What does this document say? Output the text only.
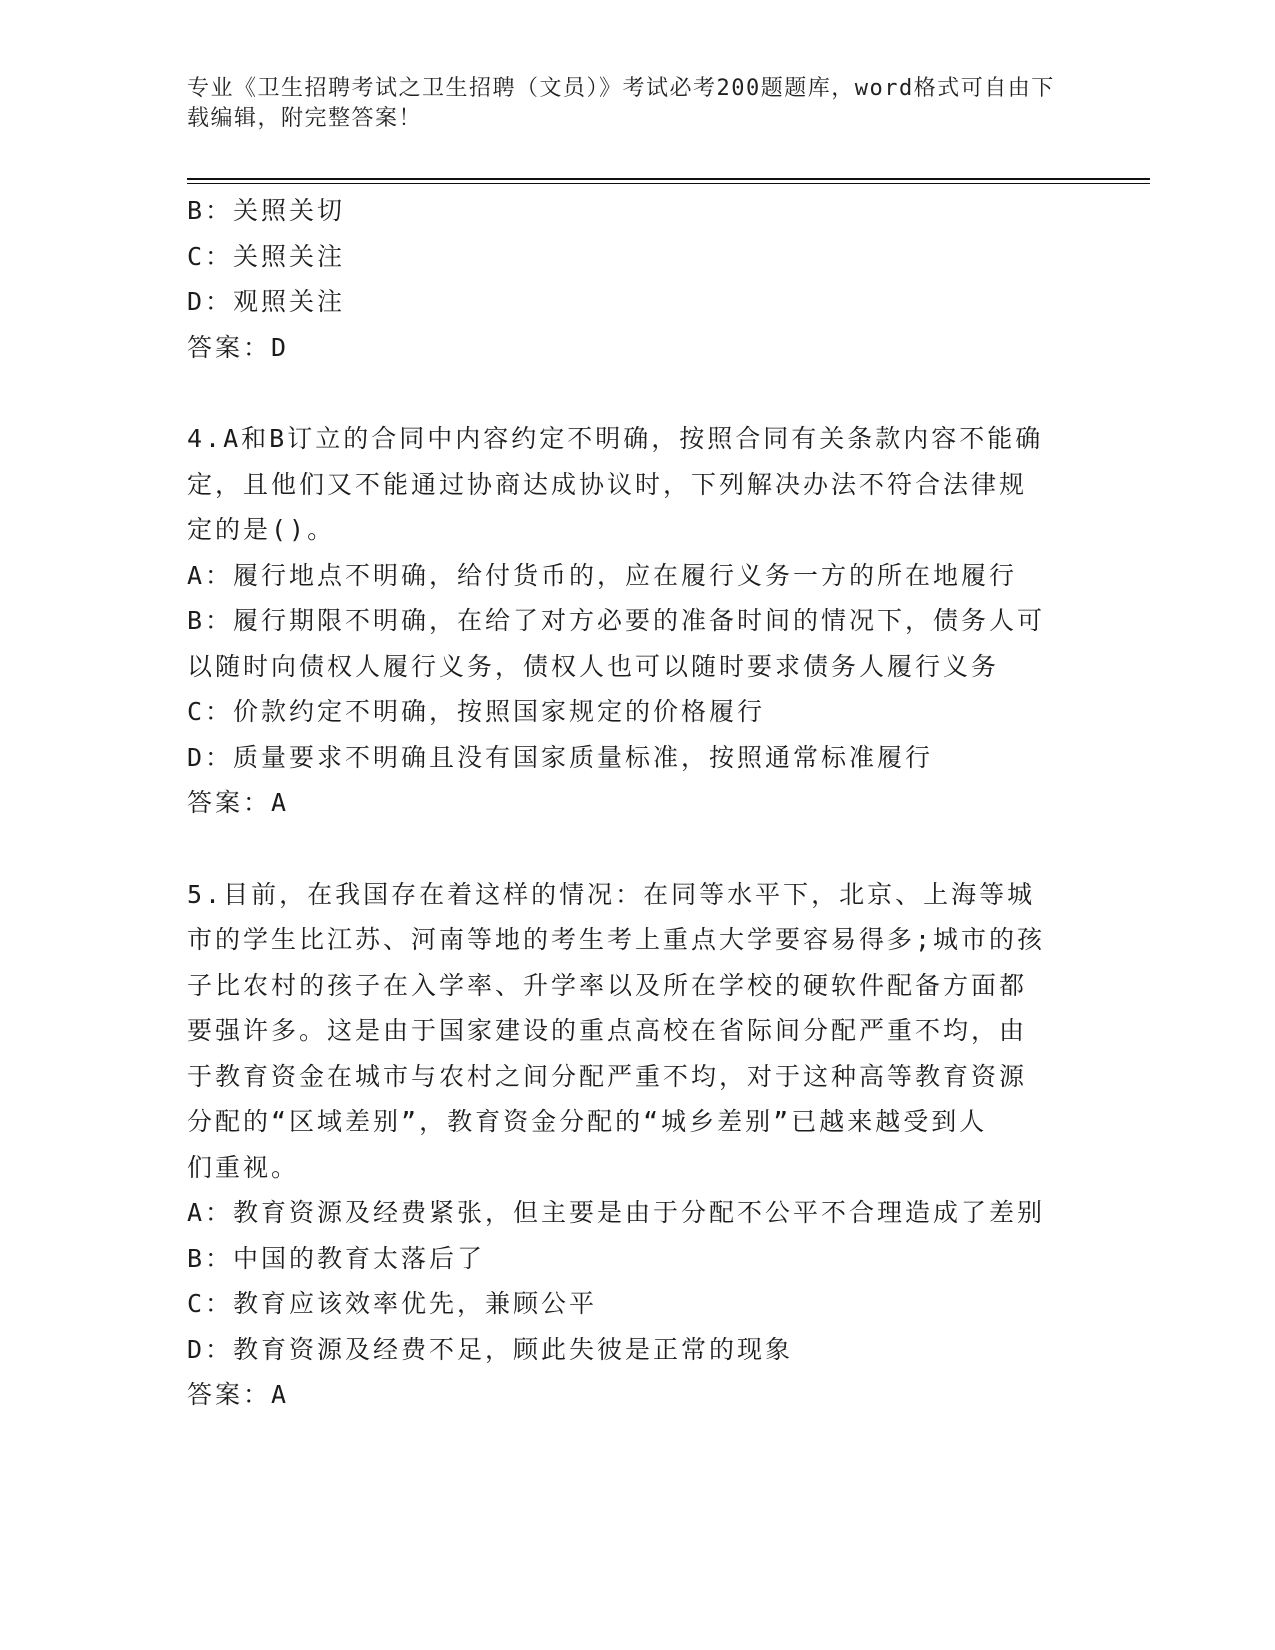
专业《卫生招聘考试之卫生招聘（文员）》考试必考200题题库，word格式可自由下载编辑，附完整答案！
B：关照关切
C：关照关注
D：观照关注
答案：D
4.A和B订立的合同中内容约定不明确，按照合同有关条款内容不能确
定，且他们又不能通过协商达成协议时，下列解决办法不符合法律规
定的是()。
A：履行地点不明确，给付货币的，应在履行义务一方的所在地履行
B：履行期限不明确，在给了对方必要的准备时间的情况下，债务人可
以随时向债权人履行义务，债权人也可以随时要求债务人履行义务
C：价款约定不明确，按照国家规定的价格履行
D：质量要求不明确且没有国家质量标准，按照通常标准履行
答案：A
5.目前，在我国存在着这样的情况：在同等水平下，北京、上海等城
市的学生比江苏、河南等地的考生考上重点大学要容易得多;城市的孩
子比农村的孩子在入学率、升学率以及所在学校的硬软件配备方面都
要强许多。这是由于国家建设的重点高校在省际间分配严重不均，由
于教育资金在城市与农村之间分配严重不均，对于这种高等教育资源
分配的“区域差别”，教育资金分配的“城乡差别”已越来越受到人
们重视。
A：教育资源及经费紧张，但主要是由于分配不公平不合理造成了差别
B：中国的教育太落后了
C：教育应该效率优先，兼顾公平
D：教育资源及经费不足，顾此失彼是正常的现象
答案：A
